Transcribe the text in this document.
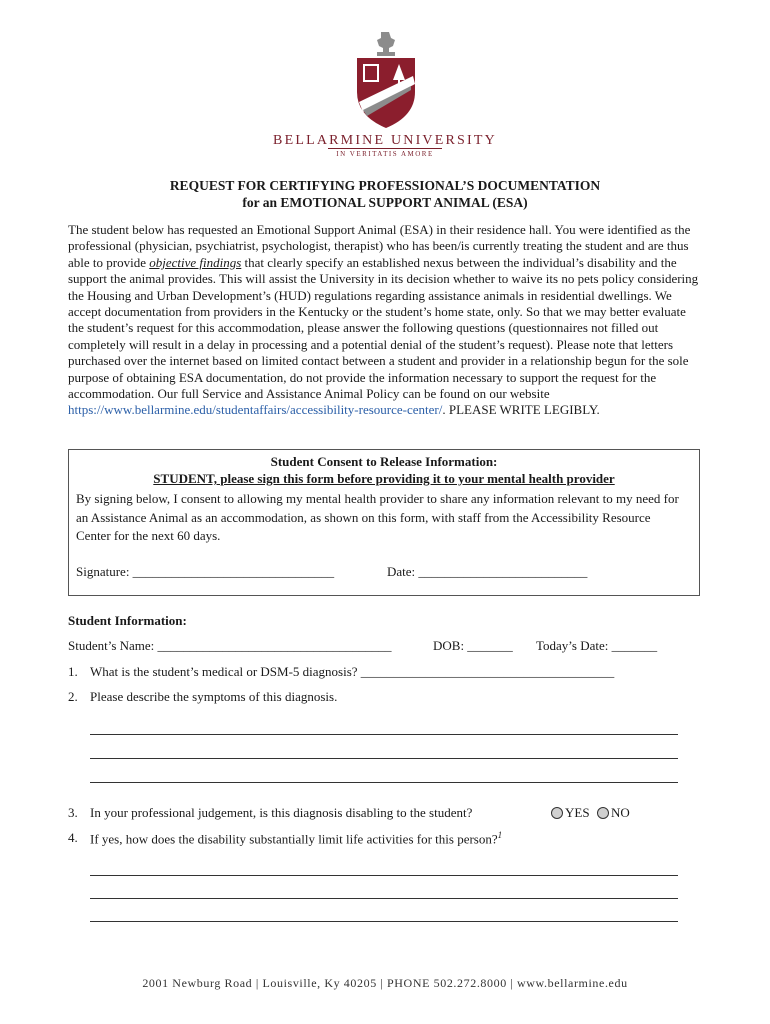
BELLARMINE UNIVERSITY
IN VERITATIS AMORE
REQUEST FOR CERTIFYING PROFESSIONAL’S DOCUMENTATION
for an EMOTIONAL SUPPORT ANIMAL (ESA)
The student below has requested an Emotional Support Animal (ESA) in their residence hall. You were identified as the professional (physician, psychiatrist, psychologist, therapist) who has been/is currently treating the student and are thus able to provide objective findings that clearly specify an established nexus between the individual’s disability and the support the animal provides. This will assist the University in its decision whether to waive its no pets policy considering the Housing and Urban Development’s (HUD) regulations regarding assistance animals in residential dwellings. We accept documentation from providers in the Kentucky or the student’s home state, only. So that we may better evaluate the student’s request for this accommodation, please answer the following questions (questionnaires not filled out completely will result in a delay in processing and a potential denial of the student’s request). Please note that letters purchased over the internet based on limited contact between a student and provider in a relationship begun for the sole purpose of obtaining ESA documentation, do not provide the information necessary to support the request for the accommodation. Our full Service and Assistance Animal Policy can be found on our website https://www.bellarmine.edu/studentaffairs/accessibility-resource-center/. PLEASE WRITE LEGIBLY.
Student Consent to Release Information:
STUDENT, please sign this form before providing it to your mental health provider
By signing below, I consent to allowing my mental health provider to share any information relevant to my need for an Assistance Animal as an accommodation, as shown on this form, with staff from the Accessibility Resource Center for the next 60 days.
Signature: _______________________________	Date: __________________________
Student Information:
Student’s Name: ____________________________________	DOB: _______ Today’s Date: _______
1. What is the student’s medical or DSM-5 diagnosis? _______________________________________
2. Please describe the symptoms of this diagnosis.
3. In your professional judgement, is this diagnosis disabling to the student?	YES NO
4. If yes, how does the disability substantially limit life activities for this person?$^1$
2001 Newburg Road | Louisville, Ky 40205 | PHONE 502.272.8000 | www.bellarmine.edu
